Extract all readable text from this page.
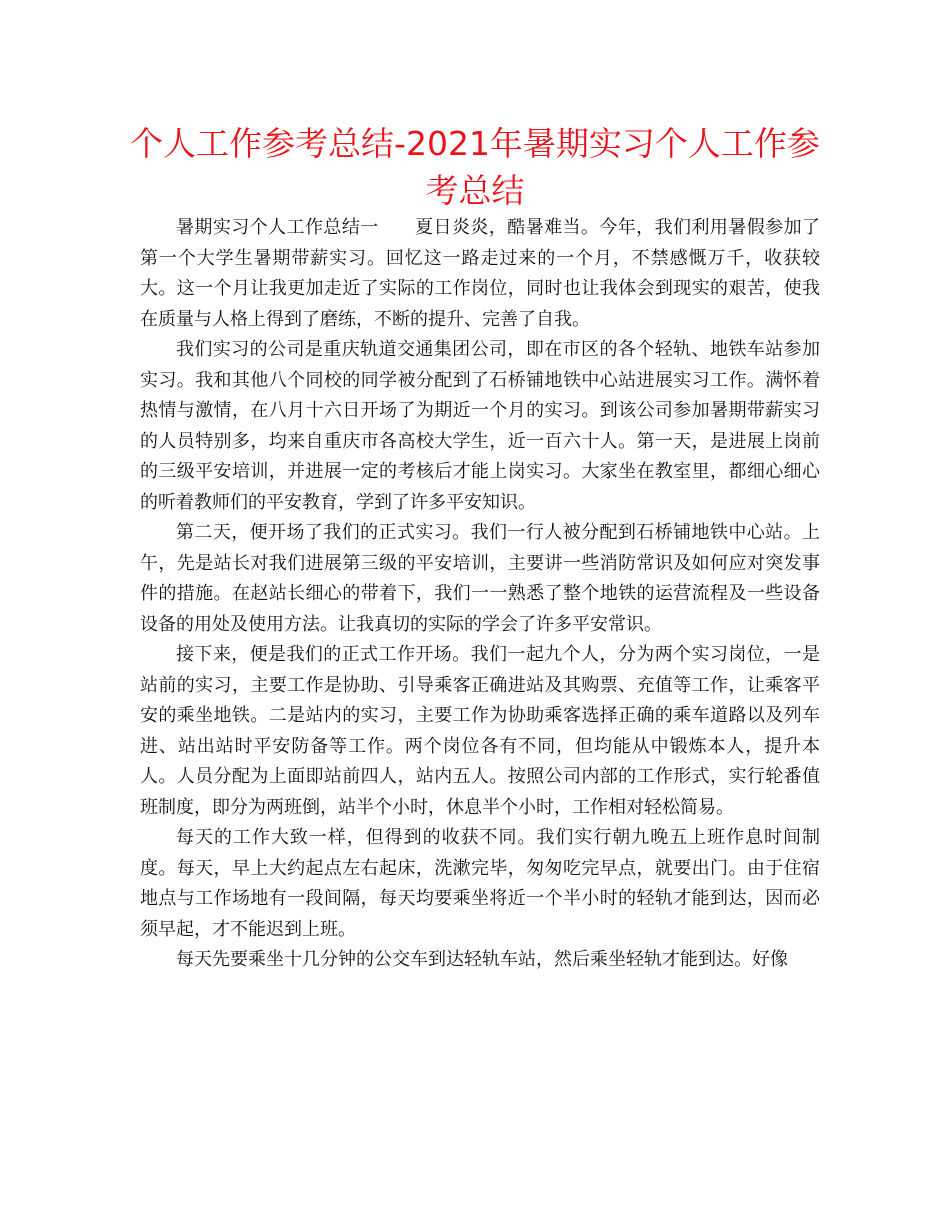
个人工作参考总结-2021年暑期实习个人工作参考总结

暑期实习个人工作总结一 夏日炎炎，酷暑难当。今年，我们利用暑假参加了第一个大学生暑期带薪实习。回忆这一路走过来的一个月，不禁感慨万千，收获较大。这一个月让我更加走近了实际的工作岗位，同时也让我体会到现实的艰苦，使我在质量与人格上得到了磨练，不断的提升、完善了自我。

我们实习的公司是重庆轨道交通集团公司，即在市区的各个轻轨、地铁车站参加实习。我和其他八个同校的同学被分配到了石桥铺地铁中心站进展实习工作。满怀着热情与激情，在八月十六日开场了为期近一个月的实习。到该公司参加暑期带薪实习的人员特别多，均来自重庆市各高校大学生，近一百六十人。第一天，是进展上岗前的三级平安培训，并进展一定的考核后才能上岗实习。大家坐在教室里，都细心细心的听着教师们的平安教育，学到了许多平安知识。

第二天，便开场了我们的正式实习。我们一行人被分配到石桥铺地铁中心站。上午，先是站长对我们进展第三级的平安培训，主要讲一些消防常识及如何应对突发事件的措施。在赵站长细心的带着下，我们一一熟悉了整个地铁的运营流程及一些设备设备的用处及使用方法。让我真切的实际的学会了许多平安常识。

接下来，便是我们的正式工作开场。我们一起九个人，分为两个实习岗位，一是站前的实习，主要工作是协助、引导乘客正确进站及其购票、充值等工作，让乘客平安的乘坐地铁。二是站内的实习，主要工作为协助乘客选择正确的乘车道路以及列车进、站出站时平安防备等工作。两个岗位各有不同，但均能从中锻炼本人，提升本人。人员分配为上面即站前四人，站内五人。按照公司内部的工作形式，实行轮番值班制度，即分为两班倒，站半个小时，休息半个小时，工作相对轻松简易。

每天的工作大致一样，但得到的收获不同。我们实行朝九晚五上班作息时间制度。每天，早上大约起点左右起床，洗漱完毕，匆匆吃完早点，就要出门。由于住宿地点与工作场地有一段间隔，每天均要乘坐将近一个半小时的轻轨才能到达，因而必须早起，才不能迟到上班。

每天先要乘坐十几分钟的公交车到达轻轨车站，然后乘坐轻轨才能到达。好像
